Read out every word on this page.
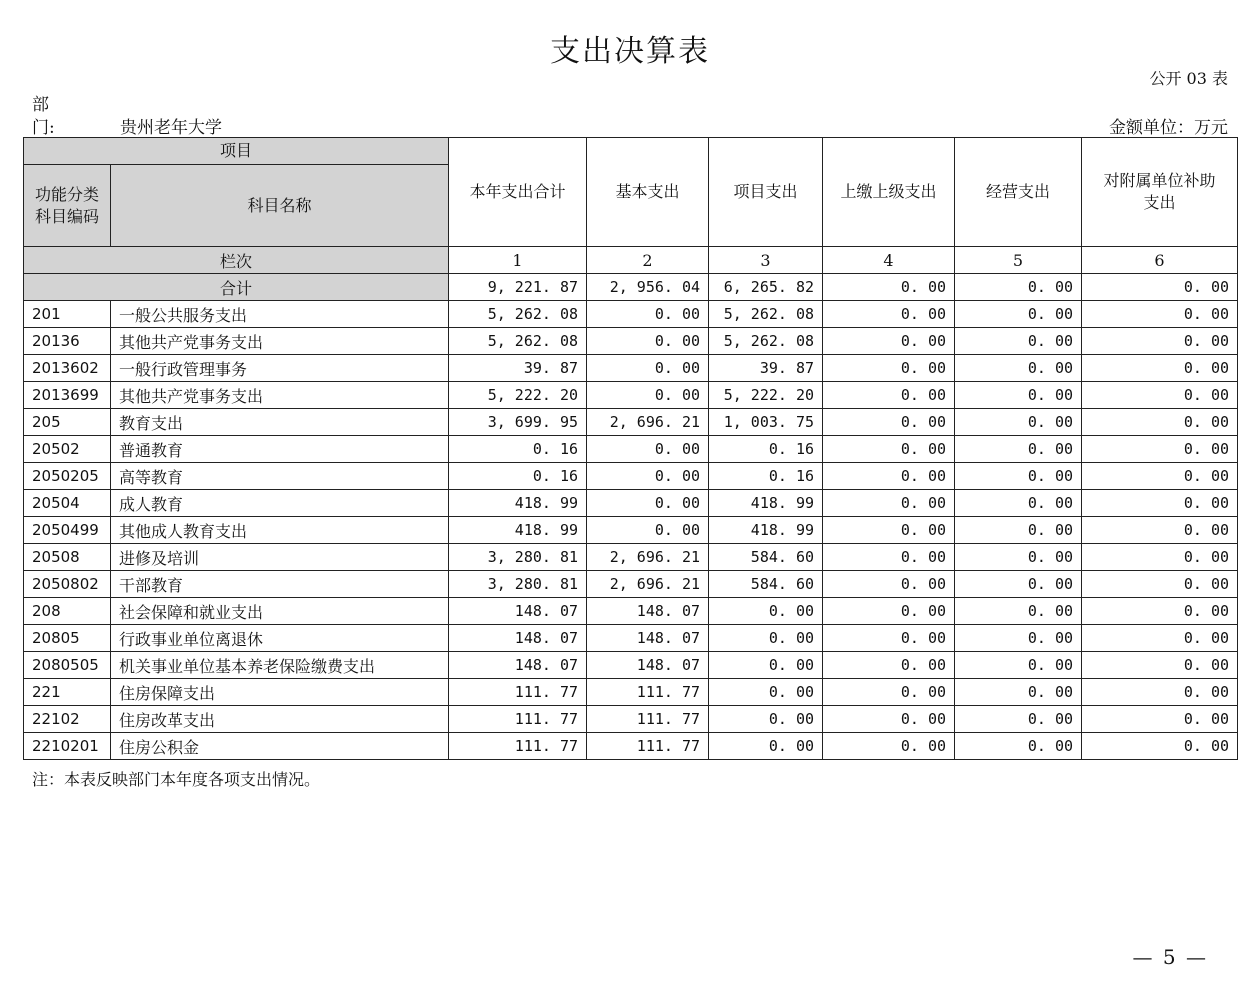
支出决算表
公开 03 表
部
门:	贵州老年大学	金额单位：万元
项目		本年支出合计	基本支出	项目支出	上缴上级支出	经营支出	对附属单位补助支出
功能分类科目编码	科目名称						
栏次		1	2	3	4	5	6
合计		9, 221. 87	2, 956. 04	6, 265. 82	0. 00	0. 00	0. 00
201	一般公共服务支出	5, 262. 08	0. 00	5, 262. 08	0. 00	0. 00	0. 00
20136	其他共产党事务支出	5, 262. 08	0. 00	5, 262. 08	0. 00	0. 00	0. 00
2013602	一般行政管理事务	39. 87	0. 00	39. 87	0. 00	0. 00	0. 00
2013699	其他共产党事务支出	5, 222. 20	0. 00	5, 222. 20	0. 00	0. 00	0. 00
205	教育支出	3, 699. 95	2, 696. 21	1, 003. 75	0. 00	0. 00	0. 00
20502	普通教育	0. 16	0. 00	0. 16	0. 00	0. 00	0. 00
2050205	高等教育	0. 16	0. 00	0. 16	0. 00	0. 00	0. 00
20504	成人教育	418. 99	0. 00	418. 99	0. 00	0. 00	0. 00
2050499	其他成人教育支出	418. 99	0. 00	418. 99	0. 00	0. 00	0. 00
20508	进修及培训	3, 280. 81	2, 696. 21	584. 60	0. 00	0. 00	0. 00
2050802	干部教育	3, 280. 81	2, 696. 21	584. 60	0. 00	0. 00	0. 00
208	社会保障和就业支出	148. 07	148. 07	0. 00	0. 00	0. 00	0. 00
20805	行政事业单位离退休	148. 07	148. 07	0. 00	0. 00	0. 00	0. 00
2080505	机关事业单位基本养老保险缴费支出	148. 07	148. 07	0. 00	0. 00	0. 00	0. 00
221	住房保障支出	111. 77	111. 77	0. 00	0. 00	0. 00	0. 00
22102	住房改革支出	111. 77	111. 77	0. 00	0. 00	0. 00	0. 00
2210201	住房公积金	111. 77	111. 77	0. 00	0. 00	0. 00	0. 00
注：本表反映部门本年度各项支出情况。
— 5 —
